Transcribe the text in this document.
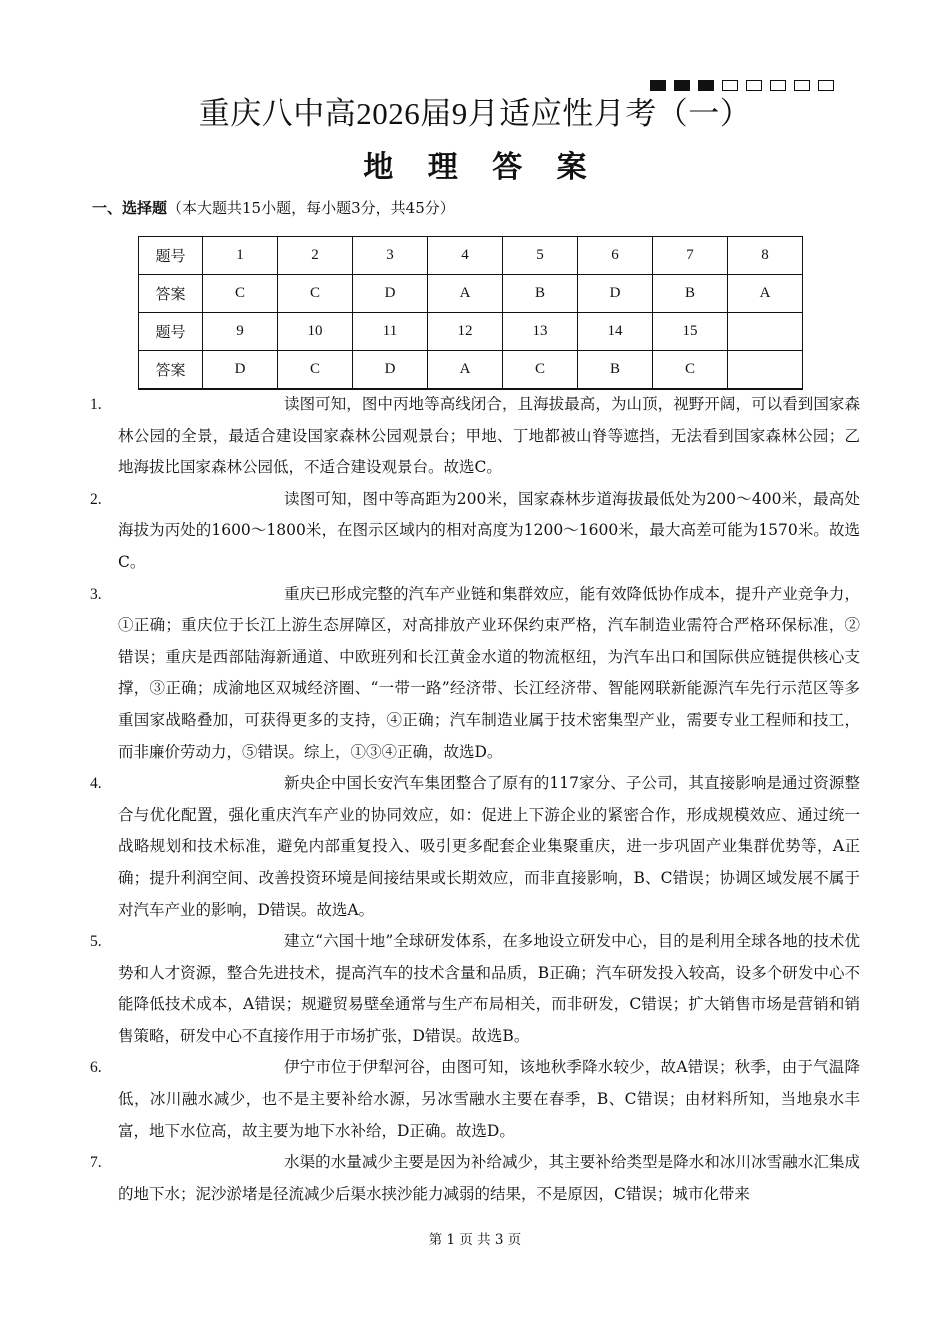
重庆八中高2026届9月适应性月考（一）
地 理 答 案
一、选择题（本大题共15小题，每小题3分，共45分）
题号	1	2	3	4	5	6	7	8
答案	C	C	D	A	B	D	B	A
题号	9	10	11	12	13	14	15	
答案	D	C	D	A	C	B	C	
1.	读图可知，图中丙地等高线闭合，且海拔最高，为山顶，视野开阔，可以看到国家森林公园的全景，最适合建设国家森林公园观景台；甲地、丁地都被山脊等遮挡，无法看到国家森林公园；乙地海拔比国家森林公园低，不适合建设观景台。故选C。
2.	读图可知，图中等高距为200米，国家森林步道海拔最低处为200～400米，最高处海拔为丙处的1600～1800米，在图示区域内的相对高度为1200～1600米，最大高差可能为1570米。故选C。
3.	重庆已形成完整的汽车产业链和集群效应，能有效降低协作成本，提升产业竞争力，①正确；重庆位于长江上游生态屏障区，对高排放产业环保约束严格，汽车制造业需符合严格环保标准，②错误；重庆是西部陆海新通道、中欧班列和长江黄金水道的物流枢纽，为汽车出口和国际供应链提供核心支撑，③正确；成渝地区双城经济圈、“一带一路”经济带、长江经济带、智能网联新能源汽车先行示范区等多重国家战略叠加，可获得更多的支持，④正确；汽车制造业属于技术密集型产业，需要专业工程师和技工，而非廉价劳动力，⑤错误。综上，①③④正确，故选D。
4.	新央企中国长安汽车集团整合了原有的117家分、子公司，其直接影响是通过资源整合与优化配置，强化重庆汽车产业的协同效应，如：促进上下游企业的紧密合作，形成规模效应、通过统一战略规划和技术标准，避免内部重复投入、吸引更多配套企业集聚重庆，进一步巩固产业集群优势等，A正确；提升利润空间、改善投资环境是间接结果或长期效应，而非直接影响，B、C错误；协调区域发展不属于对汽车产业的影响，D错误。故选A。
5.	建立“六国十地”全球研发体系，在多地设立研发中心，目的是利用全球各地的技术优势和人才资源，整合先进技术，提高汽车的技术含量和品质，B正确；汽车研发投入较高，设多个研发中心不能降低技术成本，A错误；规避贸易壁垒通常与生产布局相关，而非研发，C错误；扩大销售市场是营销和销售策略，研发中心不直接作用于市场扩张，D错误。故选B。
6.	伊宁市位于伊犁河谷，由图可知，该地秋季降水较少，故A错误；秋季，由于气温降低，冰川融水减少，也不是主要补给水源，另冰雪融水主要在春季，B、C错误；由材料所知，当地泉水丰富，地下水位高，故主要为地下水补给，D正确。故选D。
7.	水渠的水量减少主要是因为补给减少，其主要补给类型是降水和冰川冰雪融水汇集成的地下水；泥沙淤堵是径流减少后渠水挟沙能力减弱的结果，不是原因，C错误；城市化带来
第 1 页 共 3 页
